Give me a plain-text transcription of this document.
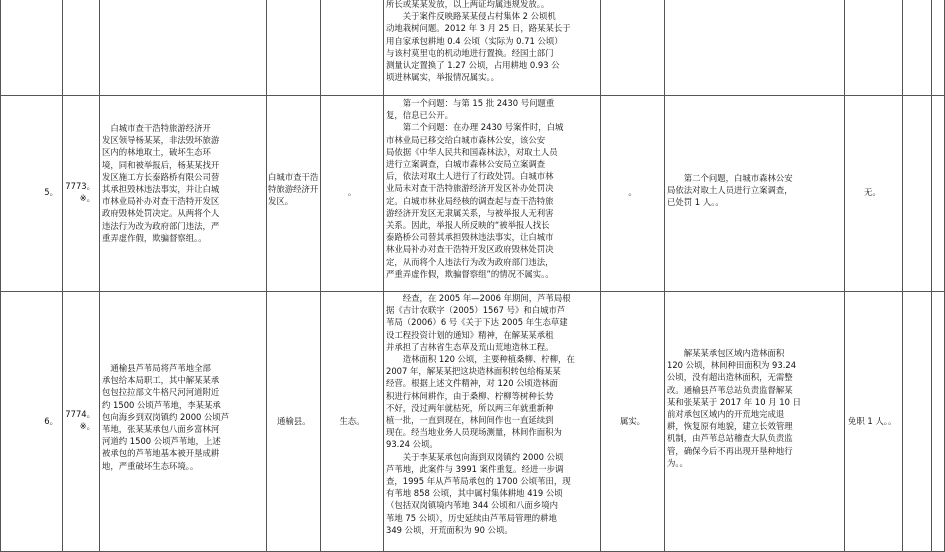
所长或某某发放，以上两证均属违规发放。。

　　关于案件反映路某某侵占村集体 2 公顷机

动地栽树问题。2012 年 3 月 25 日，路某某长于

用自家承包耕地 0.4 公顷（实际为 0.71 公顷）

与该村莫里屯的机动地进行置换。经国土部门

测量认定置换了 1.27 公顷，占用耕地 0.93 公

顷进林属实，举报情况属实。。

5。

7773。

※。

　白城市查干浩特旅游经济开

发区领导杨某某，非法毁坏旅游

区内的林地取土，破坏生态环

境，同和被举报后，杨某某找开

发区施工方长泰路桥有限公司替

其承担毁林违法事实，并让白城

市林业局补办对查干浩特开发区

政府毁林处罚决定。从两将个人

违法行为改为政府部门违法，严

重弄虚作假，欺骗督察组。。

白城市查干浩

特旅游经济开

发区。

。

　　第一个问题：与第 15 批 2430 号问题重

复，信息已公开。

　　第二个问题：在办理 2430 号案件时，白城

市林业局已移交给白城市森林公安，该公安

局依据《中华人民共和国森林法》，对取土人员

进行立案调查，白城市森林公安局立案调查

后，依法对取土人进行了行政处罚。白城市林

业局未对查干浩特旅游经济开发区补办处罚决

定。白城市林业局经核的调查起与查干浩特旅

游经济开发区无隶属关系，与被举报人无利害

关系。因此，举报人所反映的“被举报人找长

泰路桥公司替其承担毁林违法事实，让白城市

林业局补办对查干浩特开发区政府毁林处罚决

定，从而将个人违法行为改为政府部门违法，

严重弄虚作假，欺骗督察组”的情况不属实。。

。

　　第二个问题，白城市森林公安

局依法对取土人员进行立案调查，

已处罚 1 人。。

无。
6。

7774。

※。

　通榆县芦苇局将芦苇地全部

承包给本局职工，其中解某某承

包包拉拉部文牛格尺河河道附近

约 1500 公顷芦苇地，李某某承

包向海乡到双岗镇约 2000 公顷芦

苇地，张某某承包八面乡富林河

河道约 1500 公顷芦苇地，上述

被承包的芦苇地基本被开垦成耕

地，严重破坏生态环境。。

通榆县。	生态。

　　经查，在 2005 年—2006 年期间，芦苇局根

据《吉计农联字（2005）1567 号》和白城市芦

苇局（2006）6 号《关于下达 2005 年生态草建

设工程投资计划的通知》精神，在解某某承租

并承担了吉林省生态草及荒山荒地造林工程。

　　造林面积 120 公顷，主要种植桑柳、柠柳，在

2007 年，解某某把这块造林面积转包给梅某某

经营。根据上述文件精神，对 120 公顷造林面

积进行林间耕作，由于桑柳、柠柳等树种长势

不好，没过两年就枯死，所以两三年就重新种

植一批，一直到现在，林间间作也一直延续到

现在。经当地业务人员现场测量，林间作面积为

93.24 公顷。

　　关于李某某承包向海到双岗镇约 2000 公顷

芦苇地，此案件与 3991 案件重复。经进一步调

查，1995 年从芦苇局承包的 1700 公顷苇田，现

有苇地 858 公顷，其中属村集体耕地 419 公顷

（包括双岗镇境内苇地 344 公顷和八面乡境内

苇地 75 公顷），历史延续由芦苇局管理的耕地

349 公顷，开荒面积为 90 公顷。

属实。

　　解某某承包区域内造林面积

120 公顷，林间种田面积为 93.24

公顷，没有超出造林面积，无需整

改。通榆县芦苇总站负责监督解某

某和张某某于 2017 年 10 月 10 日

前对承包区域内的开荒地完成退

耕，恢复原有地貌，建立长效管理

机制，由芦苇总站稽查大队负责监

管，确保今后不再出现开垦种地行

为。。

免职 1 人。。
